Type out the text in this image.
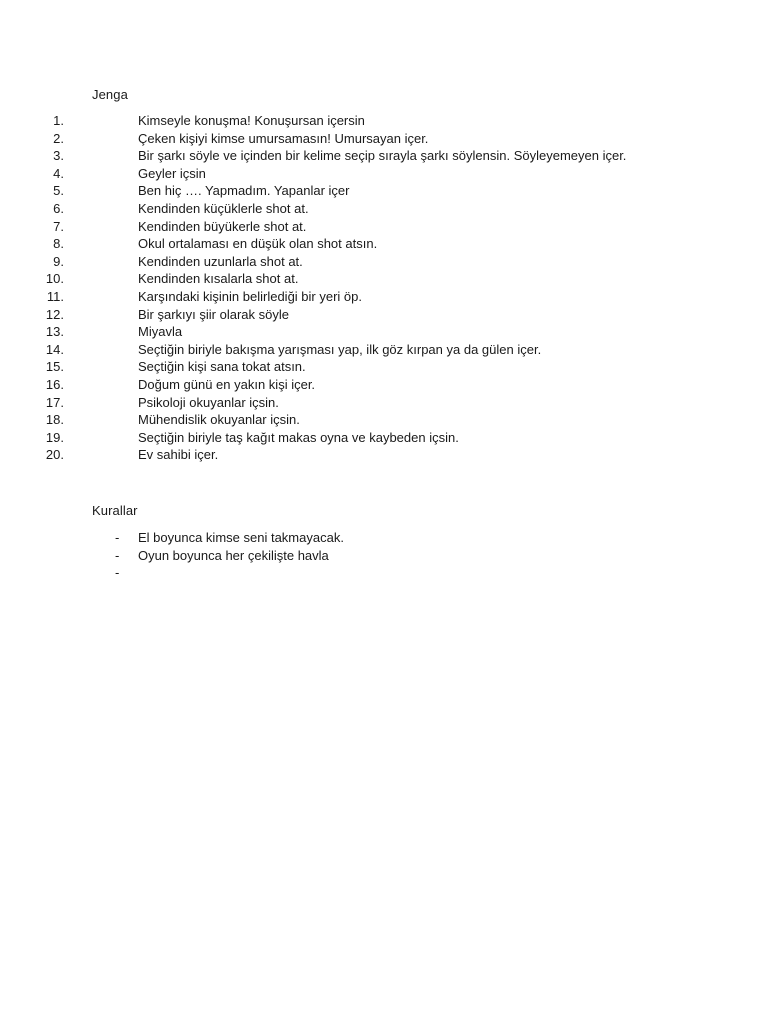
Jenga
1.	Kimseyle konuşma! Konuşursan içersin
2.	Çeken kişiyi kimse umursamasın! Umursayan içer.
3.	Bir şarkı söyle ve içinden bir kelime seçip sırayla şarkı söylensin. Söyleyemeyen içer.
4.	Geyler içsin
5.	Ben hiç …. Yapmadım. Yapanlar içer
6.	Kendinden küçüklerle shot at.
7.	Kendinden büyükerle shot at.
8.	Okul ortalaması en düşük olan shot atsın.
9.	Kendinden uzunlarla shot at.
10.	Kendinden kısalarla shot at.
11.	Karşındaki kişinin belirlediği bir yeri öp.
12.	Bir şarkıyı şiir olarak söyle
13.	Miyavla
14.	Seçtiğin biriyle bakışma yarışması yap, ilk göz kırpan ya da gülen içer.
15.	Seçtiğin kişi sana tokat atsın.
16.	Doğum günü en yakın kişi içer.
17.	Psikoloji okuyanlar içsin.
18.	Mühendislik okuyanlar içsin.
19.	Seçtiğin biriyle taş kağıt makas oyna ve kaybeden içsin.
20.	Ev sahibi içer.
Kurallar
- El boyunca kimse seni takmayacak.
- Oyun boyunca her çekilişte havla
-
